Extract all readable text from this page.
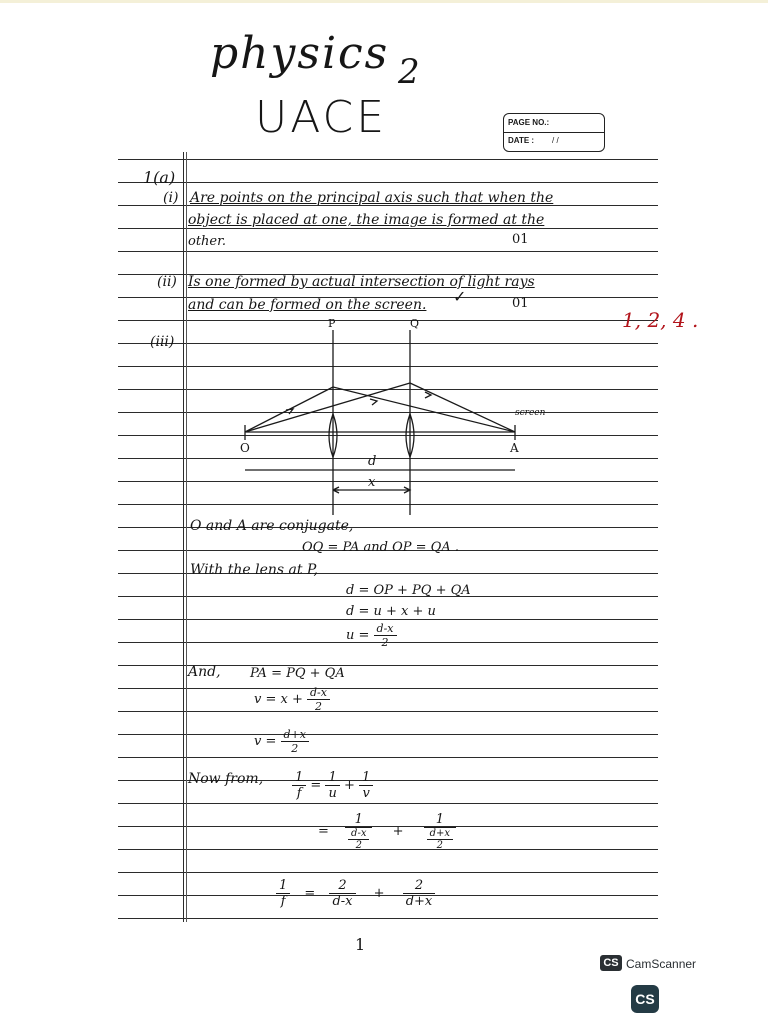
physics 2
UACE	PAGE NO.:
DATE : / /
1(a)
(i) Are points on the principal axis such that when the
object is placed at one, the image is formed at the
other.	01
(ii) Is one formed by actual intersection of light rays
and can be formed on the screen. ✓	01
1, 2, 4 .
(iii)
P	Q
O	A
screen
d
x
O and A are conjugate,
OQ = PA and OP = QA .
With the lens at P,
d = OP + PQ + QA
d = u + x + u
$u = \frac{d-x}{2}$
And, PA = PQ + QA
$v = x + \frac{d-x}{2}$
$v = \frac{d+x}{2}$
Now from, $\frac{1}{f} = \frac{1}{u} + \frac{1}{v}$
= $\frac{1}{\frac{d-x}{2}} + \frac{1}{\frac{d+x}{2}}$
$\frac{1}{f} = \frac{2}{d-x} + \frac{2}{d+x}$
1
CS CamScanner
CS
